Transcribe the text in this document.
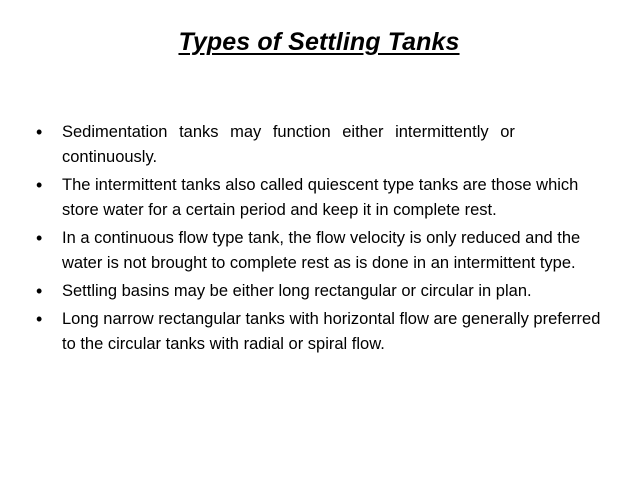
Types of Settling Tanks
• Sedimentation tanks may function either intermittently or continuously.
• The intermittent tanks also called quiescent type tanks are those which store water for a certain period and keep it in complete rest.
• In a continuous flow type tank, the flow velocity is only reduced and the water is not brought to complete rest as is done in an intermittent type.
• Settling basins may be either long rectangular or circular in plan.
• Long narrow rectangular tanks with horizontal flow are generally preferred to the circular tanks with radial or spiral flow.
